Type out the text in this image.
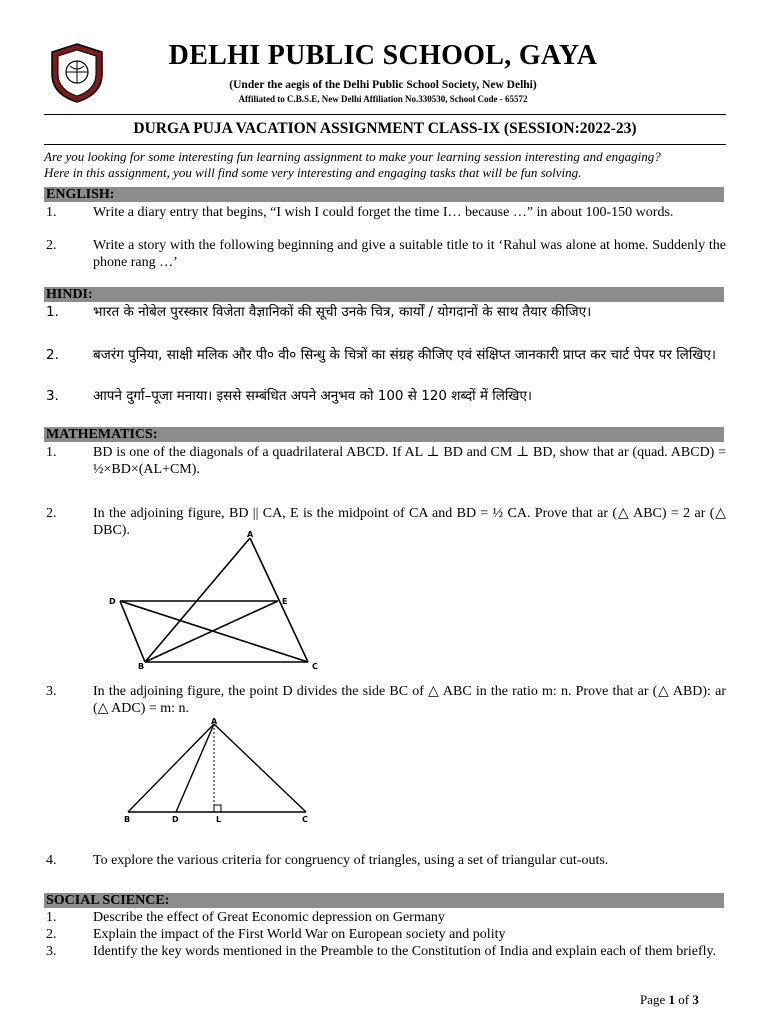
DELHI PUBLIC SCHOOL, GAYA
(Under the aegis of the Delhi Public School Society, New Delhi)
Affiliated to C.B.S.E, New Delhi Affiliation No.330530, School Code - 65572
DURGA PUJA VACATION ASSIGNMENT CLASS-IX (SESSION:2022-23)
Are you looking for some interesting fun learning assignment to make your learning session interesting and engaging?
Here in this assignment, you will find some very interesting and engaging tasks that will be fun solving.
ENGLISH:
1.	Write a diary entry that begins, “I wish I could forget the time I… because …” in about 100-150 words.
2.	Write a story with the following beginning and give a suitable title to it ‘Rahul was alone at home. Suddenly the phone rang …’
HINDI:
1.	भारत के नोबेल पुरस्कार विजेता वैज्ञानिकों की सूची उनके चित्र, कार्यों / योगदानों के साथ तैयार कीजिए।
2.	बजरंग पुनिया, साक्षी मलिक और पी० वी० सिन्धु के चित्रों का संग्रह कीजिए एवं संक्षिप्त जानकारी प्राप्त कर चार्ट पेपर पर लिखिए।
3.	आपने दुर्गा–पूजा मनाया। इससे सम्बंधित अपने अनुभव को 100 से 120 शब्दों में लिखिए।
MATHEMATICS:
1.	BD is one of the diagonals of a quadrilateral ABCD. If AL ⊥ BD and CM ⊥ BD, show that ar (quad. ABCD) = ½×BD×(AL+CM).
2.	In the adjoining figure, BD || CA, E is the midpoint of CA and BD = ½ CA. Prove that ar (△ ABC) = 2 ar (△ DBC).	A
D	E
B	C
3.	In the adjoining figure, the point D divides the side BC of △ ABC in the ratio m: n. Prove that ar (△ ABD): ar (△ ADC) = m: n.
A
B	D	L	C
4.	To explore the various criteria for congruency of triangles, using a set of triangular cut-outs.
SOCIAL SCIENCE:
1.	Describe the effect of Great Economic depression on Germany
2.	Explain the impact of the First World War on European society and polity
3.	Identify the key words mentioned in the Preamble to the Constitution of India and explain each of them briefly.
Page 1 of 3
